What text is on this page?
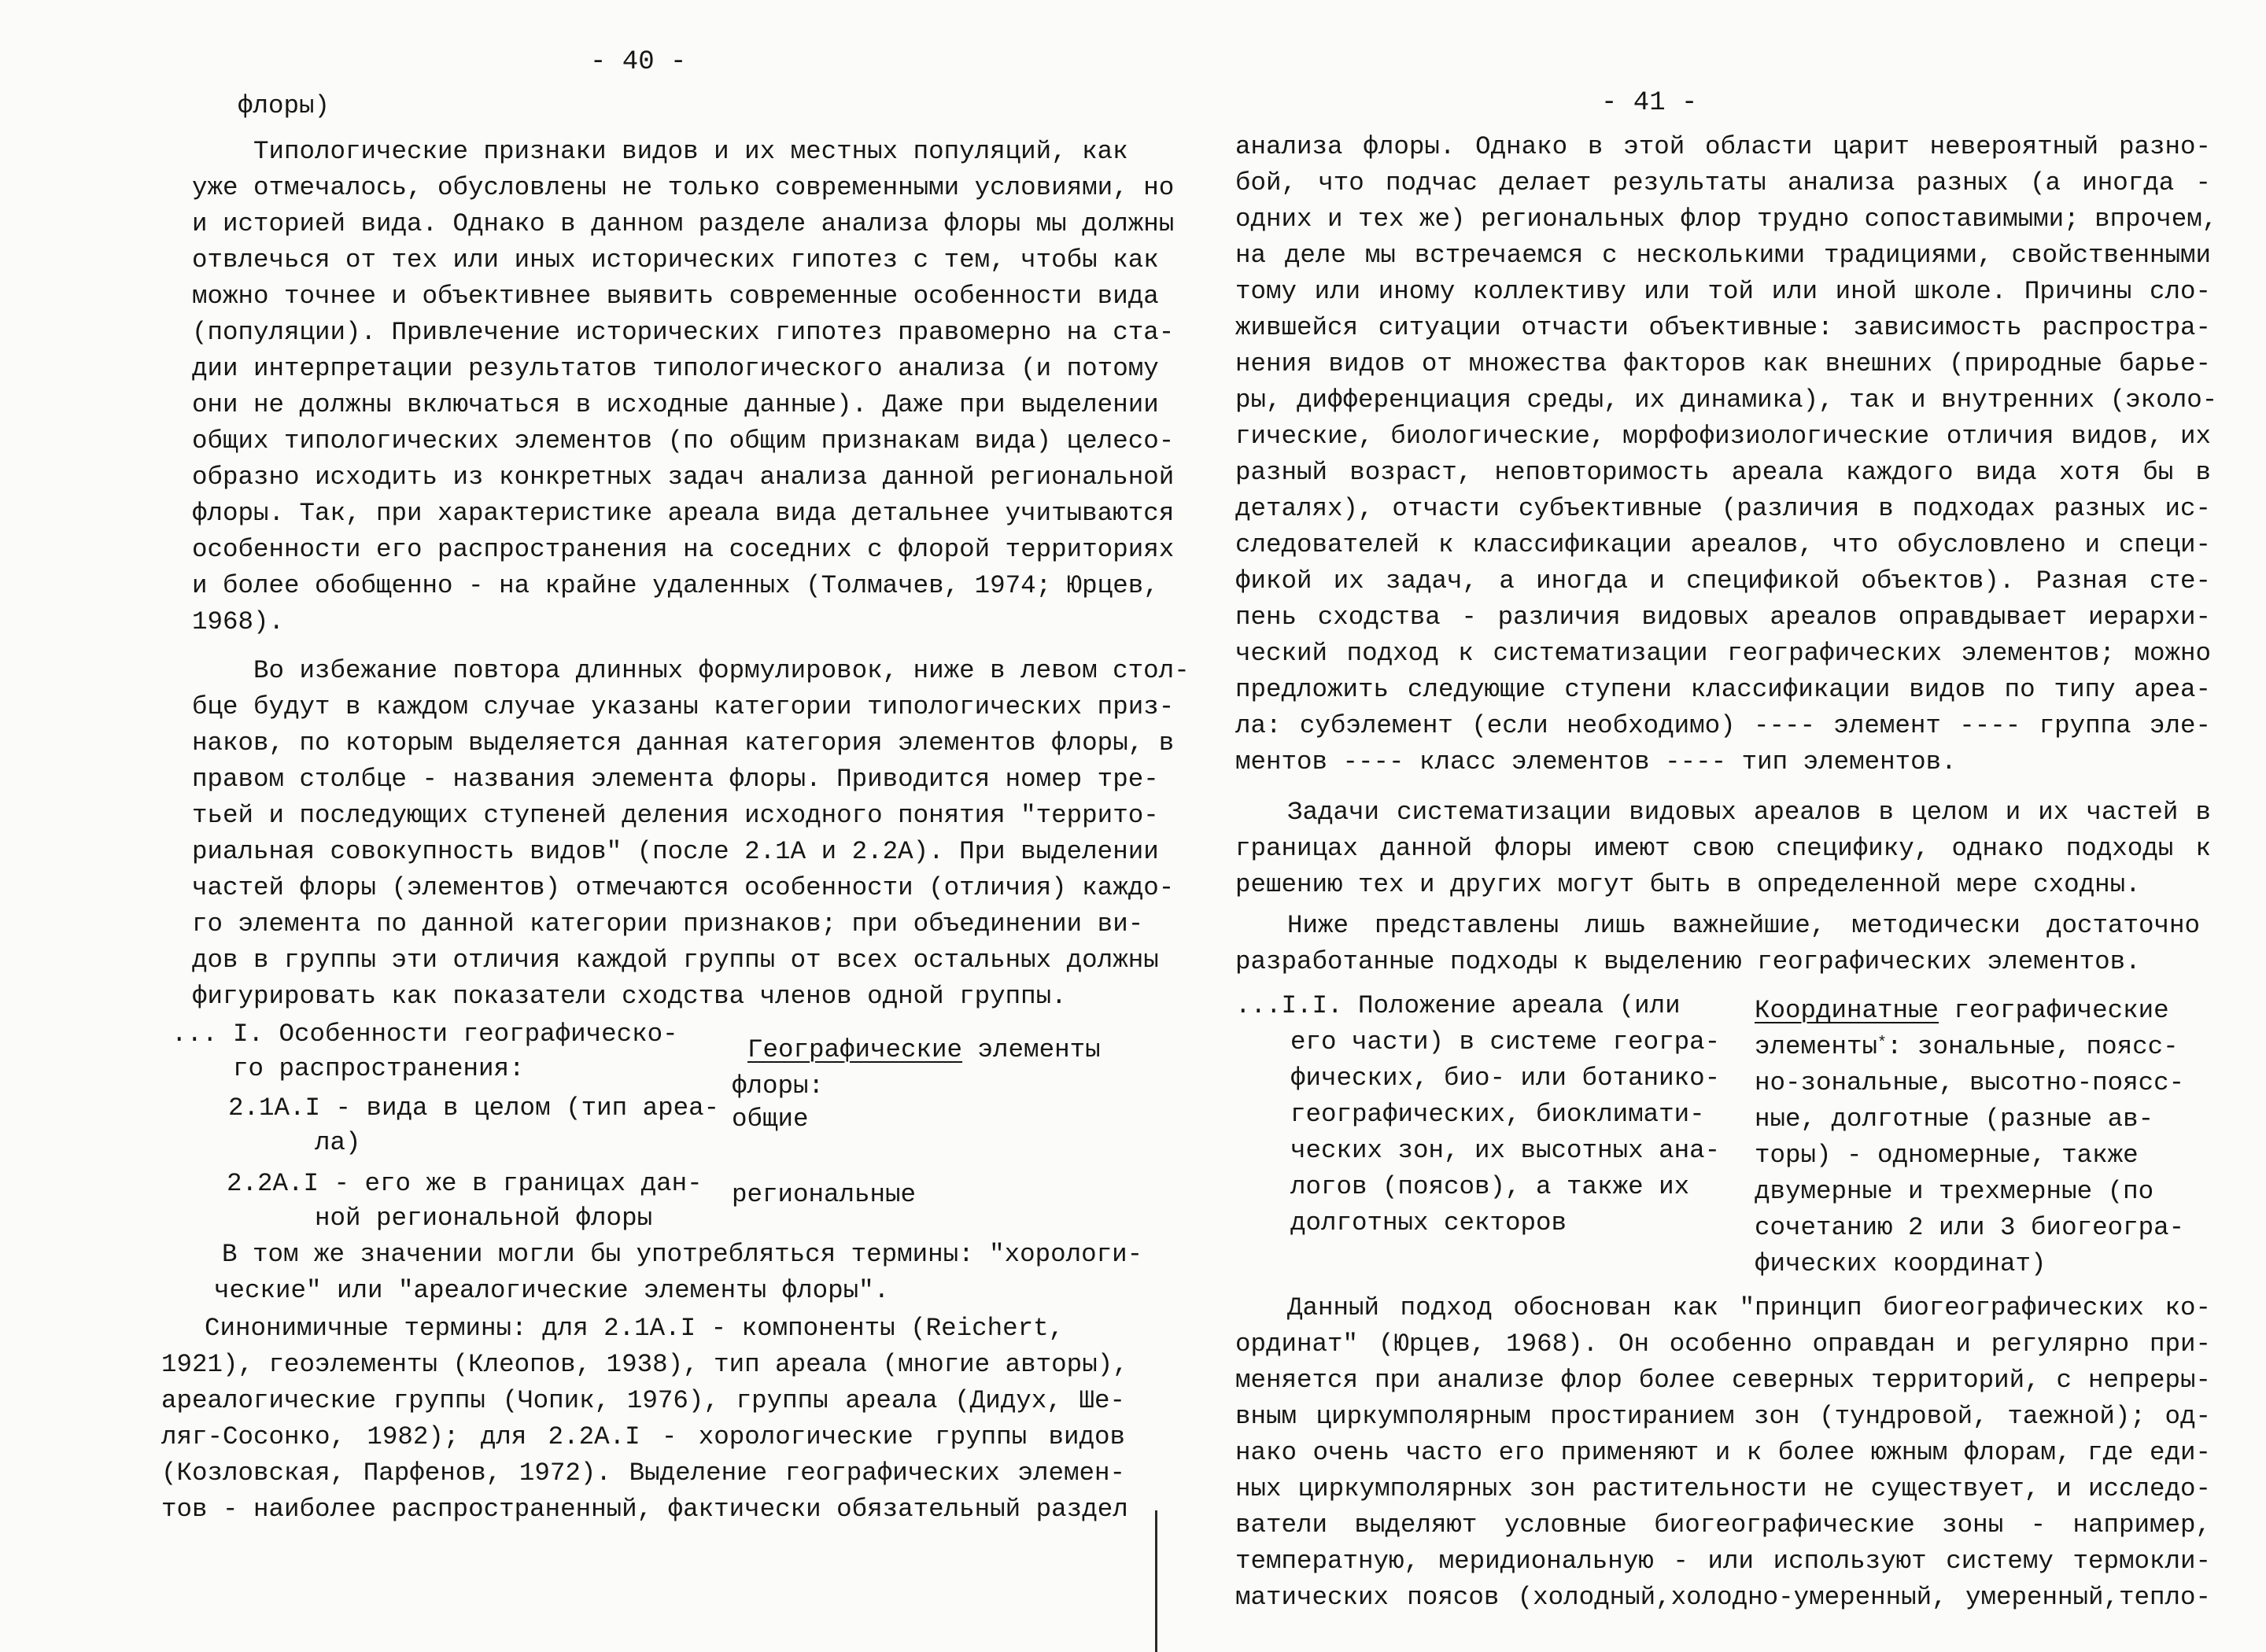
- 40 -
флоры)
Типологические признаки видов и их местных популяций, как
уже отмечалось, обусловлены не только современными условиями, но
и историей вида. Однако в данном разделе анализа флоры мы должны
отвлечься от тех или иных исторических гипотез с тем, чтобы как
можно точнее и объективнее выявить современные особенности вида
(популяции). Привлечение исторических гипотез правомерно на ста-
дии интерпретации результатов типологического анализа (и потому
они не должны включаться в исходные данные). Даже при выделении
общих типологических элементов (по общим признакам вида) целесо-
образно исходить из конкретных задач анализа данной региональной
флоры. Так, при характеристике ареала вида детальнее учитываются
особенности его распространения на соседних с флорой территориях
и более обобщенно - на крайне удаленных (Толмачев, 1974; Юрцев,
1968).
Во избежание повтора длинных формулировок, ниже в левом стол-
бце будут в каждом случае указаны категории типологических приз-
наков, по которым выделяется данная категория элементов флоры, в
правом столбце - названия элемента флоры. Приводится номер тре-
тьей и последующих ступеней деления исходного понятия "террито-
риальная совокупность видов" (после 2.1А и 2.2А). При выделении
частей флоры (элементов) отмечаются особенности (отличия) каждо-
го элемента по данной категории признаков; при объединении ви-
дов в группы эти отличия каждой группы от всех остальных должны
фигурировать как показатели сходства членов одной группы.
... I. Особенности географическо-
го распространения:
Географические элементы
флоры:
2.1А.I - вида в целом (тип ареа-
ла)
общие
2.2А.I - его же в границах дан-
ной региональной флоры
региональные
В том же значении могли бы употребляться термины: "хорологи-
ческие" или "ареалогические элементы флоры".
Синонимичные термины: для 2.1А.I - компоненты (Reichert,
1921), геоэлементы (Клеопов, 1938), тип ареала (многие авторы),
ареалогические группы (Чопик, 1976), группы ареала (Дидух, Ше-
ляг-Сосонко, 1982); для 2.2А.I - хорологические группы видов
(Козловская, Парфенов, 1972). Выделение географических элемен-
тов - наиболее распространенный, фактически обязательный раздел
- 41 -
анализа флоры. Однако в этой области царит невероятный разно-
бой, что подчас делает результаты анализа разных (а иногда -
одних и тех же) региональных флор трудно сопоставимыми; впрочем,
на деле мы встречаемся с несколькими традициями, свойственными
тому или иному коллективу или той или иной школе. Причины сло-
жившейся ситуации отчасти объективные: зависимость распростра-
нения видов от множества факторов как внешних (природные барье-
ры, дифференциация среды, их динамика), так и внутренних (эколо-
гические, биологические, морфофизиологические отличия видов, их
разный возраст, неповторимость ареала каждого вида хотя бы в
деталях), отчасти субъективные (различия в подходах разных ис-
следователей к классификации ареалов, что обусловлено и специ-
фикой их задач, а иногда и спецификой объектов). Разная сте-
пень сходства - различия видовых ареалов оправдывает иерархи-
ческий подход к систематизации географических элементов; можно
предложить следующие ступени классификации видов по типу ареа-
ла: субэлемент (если необходимо) ---- элемент ---- группа эле-
ментов ---- класс элементов ---- тип элементов.
Задачи систематизации видовых ареалов в целом и их частей в
границах данной флоры имеют свою специфику, однако подходы к
решению тех и других могут быть в определенной мере сходны.
Ниже представлены лишь важнейшие, методически достаточно
разработанные подходы к выделению географических элементов.
...I.I. Положение ареала (или
его части) в системе геогра-
фических, био- или ботанико-
географических, биоклимати-
ческих зон, их высотных ана-
логов (поясов), а также их
долготных секторов
Координатные географические
элементы*: зональные, поясс-
но-зональные, высотно-поясс-
ные, долготные (разные ав-
торы) - одномерные, также
двумерные и трехмерные (по
сочетанию 2 или 3 биогеогра-
фических координат)
Данный подход обоснован как "принцип биогеографических ко-
ординат" (Юрцев, 1968). Он особенно оправдан и регулярно при-
меняется при анализе флор более северных территорий, с непреры-
вным циркумполярным простиранием зон (тундровой, таежной); од-
нако очень часто его применяют и к более южным флорам, где еди-
ных циркумполярных зон растительности не существует, и исследо-
ватели выделяют условные биогеографические зоны - например,
температную, меридиональную - или используют систему термокли-
матических поясов (холодный,холодно-умеренный, умеренный,тепло-
